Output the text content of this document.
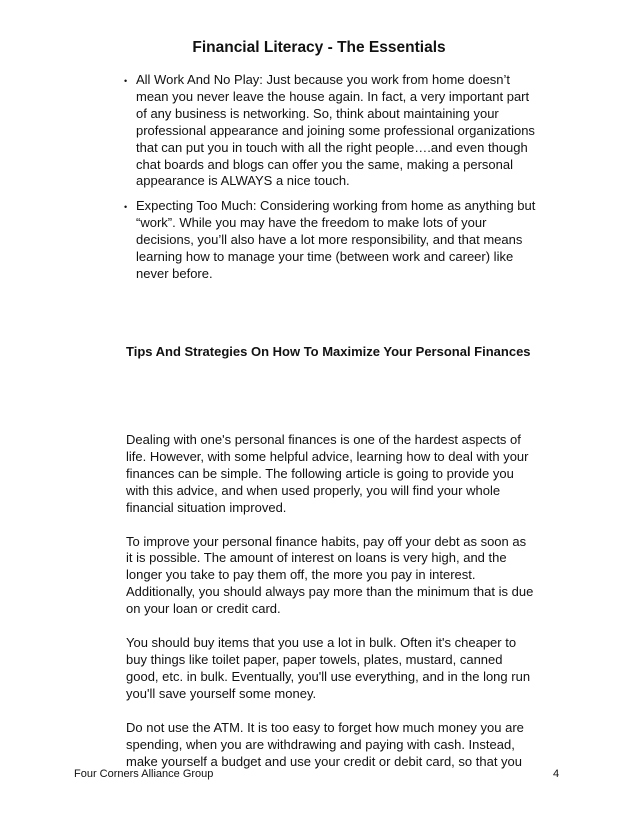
Financial Literacy - The Essentials
• All Work And No Play: Just because you work from home doesn’t mean you never leave the house again. In fact, a very important part of any business is networking. So, think about maintaining your professional appearance and joining some professional organizations that can put you in touch with all the right people….and even though chat boards and blogs can offer you the same, making a personal appearance is ALWAYS a nice touch.
• Expecting Too Much: Considering working from home as anything but “work”. While you may have the freedom to make lots of your decisions, you’ll also have a lot more responsibility, and that means learning how to manage your time (between work and career) like never before.
Tips And Strategies On How To Maximize Your Personal Finances

Dealing with one's personal finances is one of the hardest aspects of life. However, with some helpful advice, learning how to deal with your finances can be simple. The following article is going to provide you with this advice, and when used properly, you will find your whole financial situation improved.

To improve your personal finance habits, pay off your debt as soon as it is possible. The amount of interest on loans is very high, and the longer you take to pay them off, the more you pay in interest. Additionally, you should always pay more than the minimum that is due on your loan or credit card.

You should buy items that you use a lot in bulk. Often it's cheaper to buy things like toilet paper, paper towels, plates, mustard, canned good, etc. in bulk. Eventually, you'll use everything, and in the long run you'll save yourself some money.

Do not use the ATM. It is too easy to forget how much money you are spending, when you are withdrawing and paying with cash. Instead, make yourself a budget and use your credit or debit card, so that you

Four Corners Alliance Group	4
